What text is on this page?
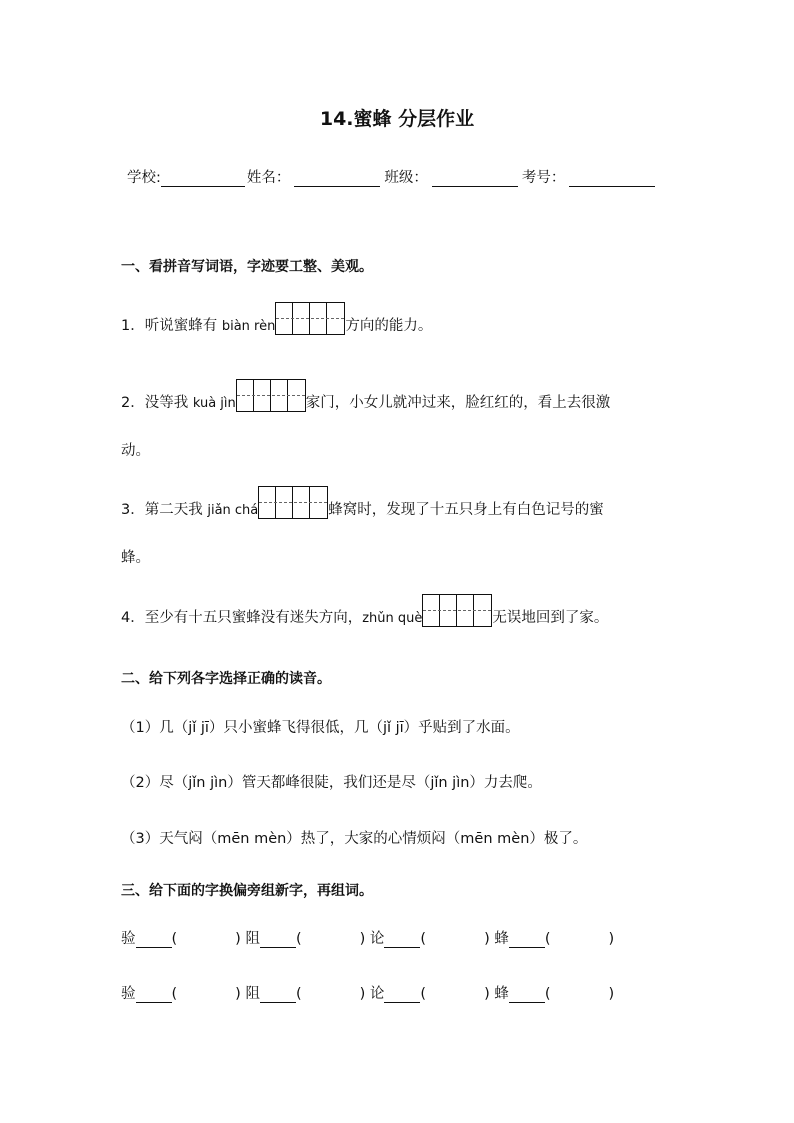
14.蜜蜂 分层作业
学校:	姓名：	班级：	考号：
一、看拼音写词语，字迹要工整、美观。
1．听说蜜蜂有 biàn rèn	方向的能力。
2．没等我 kuà jìn	家门，小女儿就冲过来，脸红红的，看上去很激
动。
3．第二天我 jiǎn chá	蜂窝时，发现了十五只身上有白色记号的蜜
蜂。
4．至少有十五只蜜蜂没有迷失方向，zhǔn què	无误地回到了家。
二、给下列各字选择正确的读音。
（1）几（jǐ jī）只小蜜蜂飞得很低，几（jǐ jī）乎贴到了水面。
（2）尽（jǐn jìn）管天都峰很陡，我们还是尽（jǐn jìn）力去爬。
（3）天气闷（mēn mèn）热了，大家的心情烦闷（mēn mèn）极了。
三、给下面的字换偏旁组新字，再组词。
验 (	) 阻 (	) 论 (	) 蜂 (	)
验 (	) 阻 (	) 论 (	) 蜂 (	)
